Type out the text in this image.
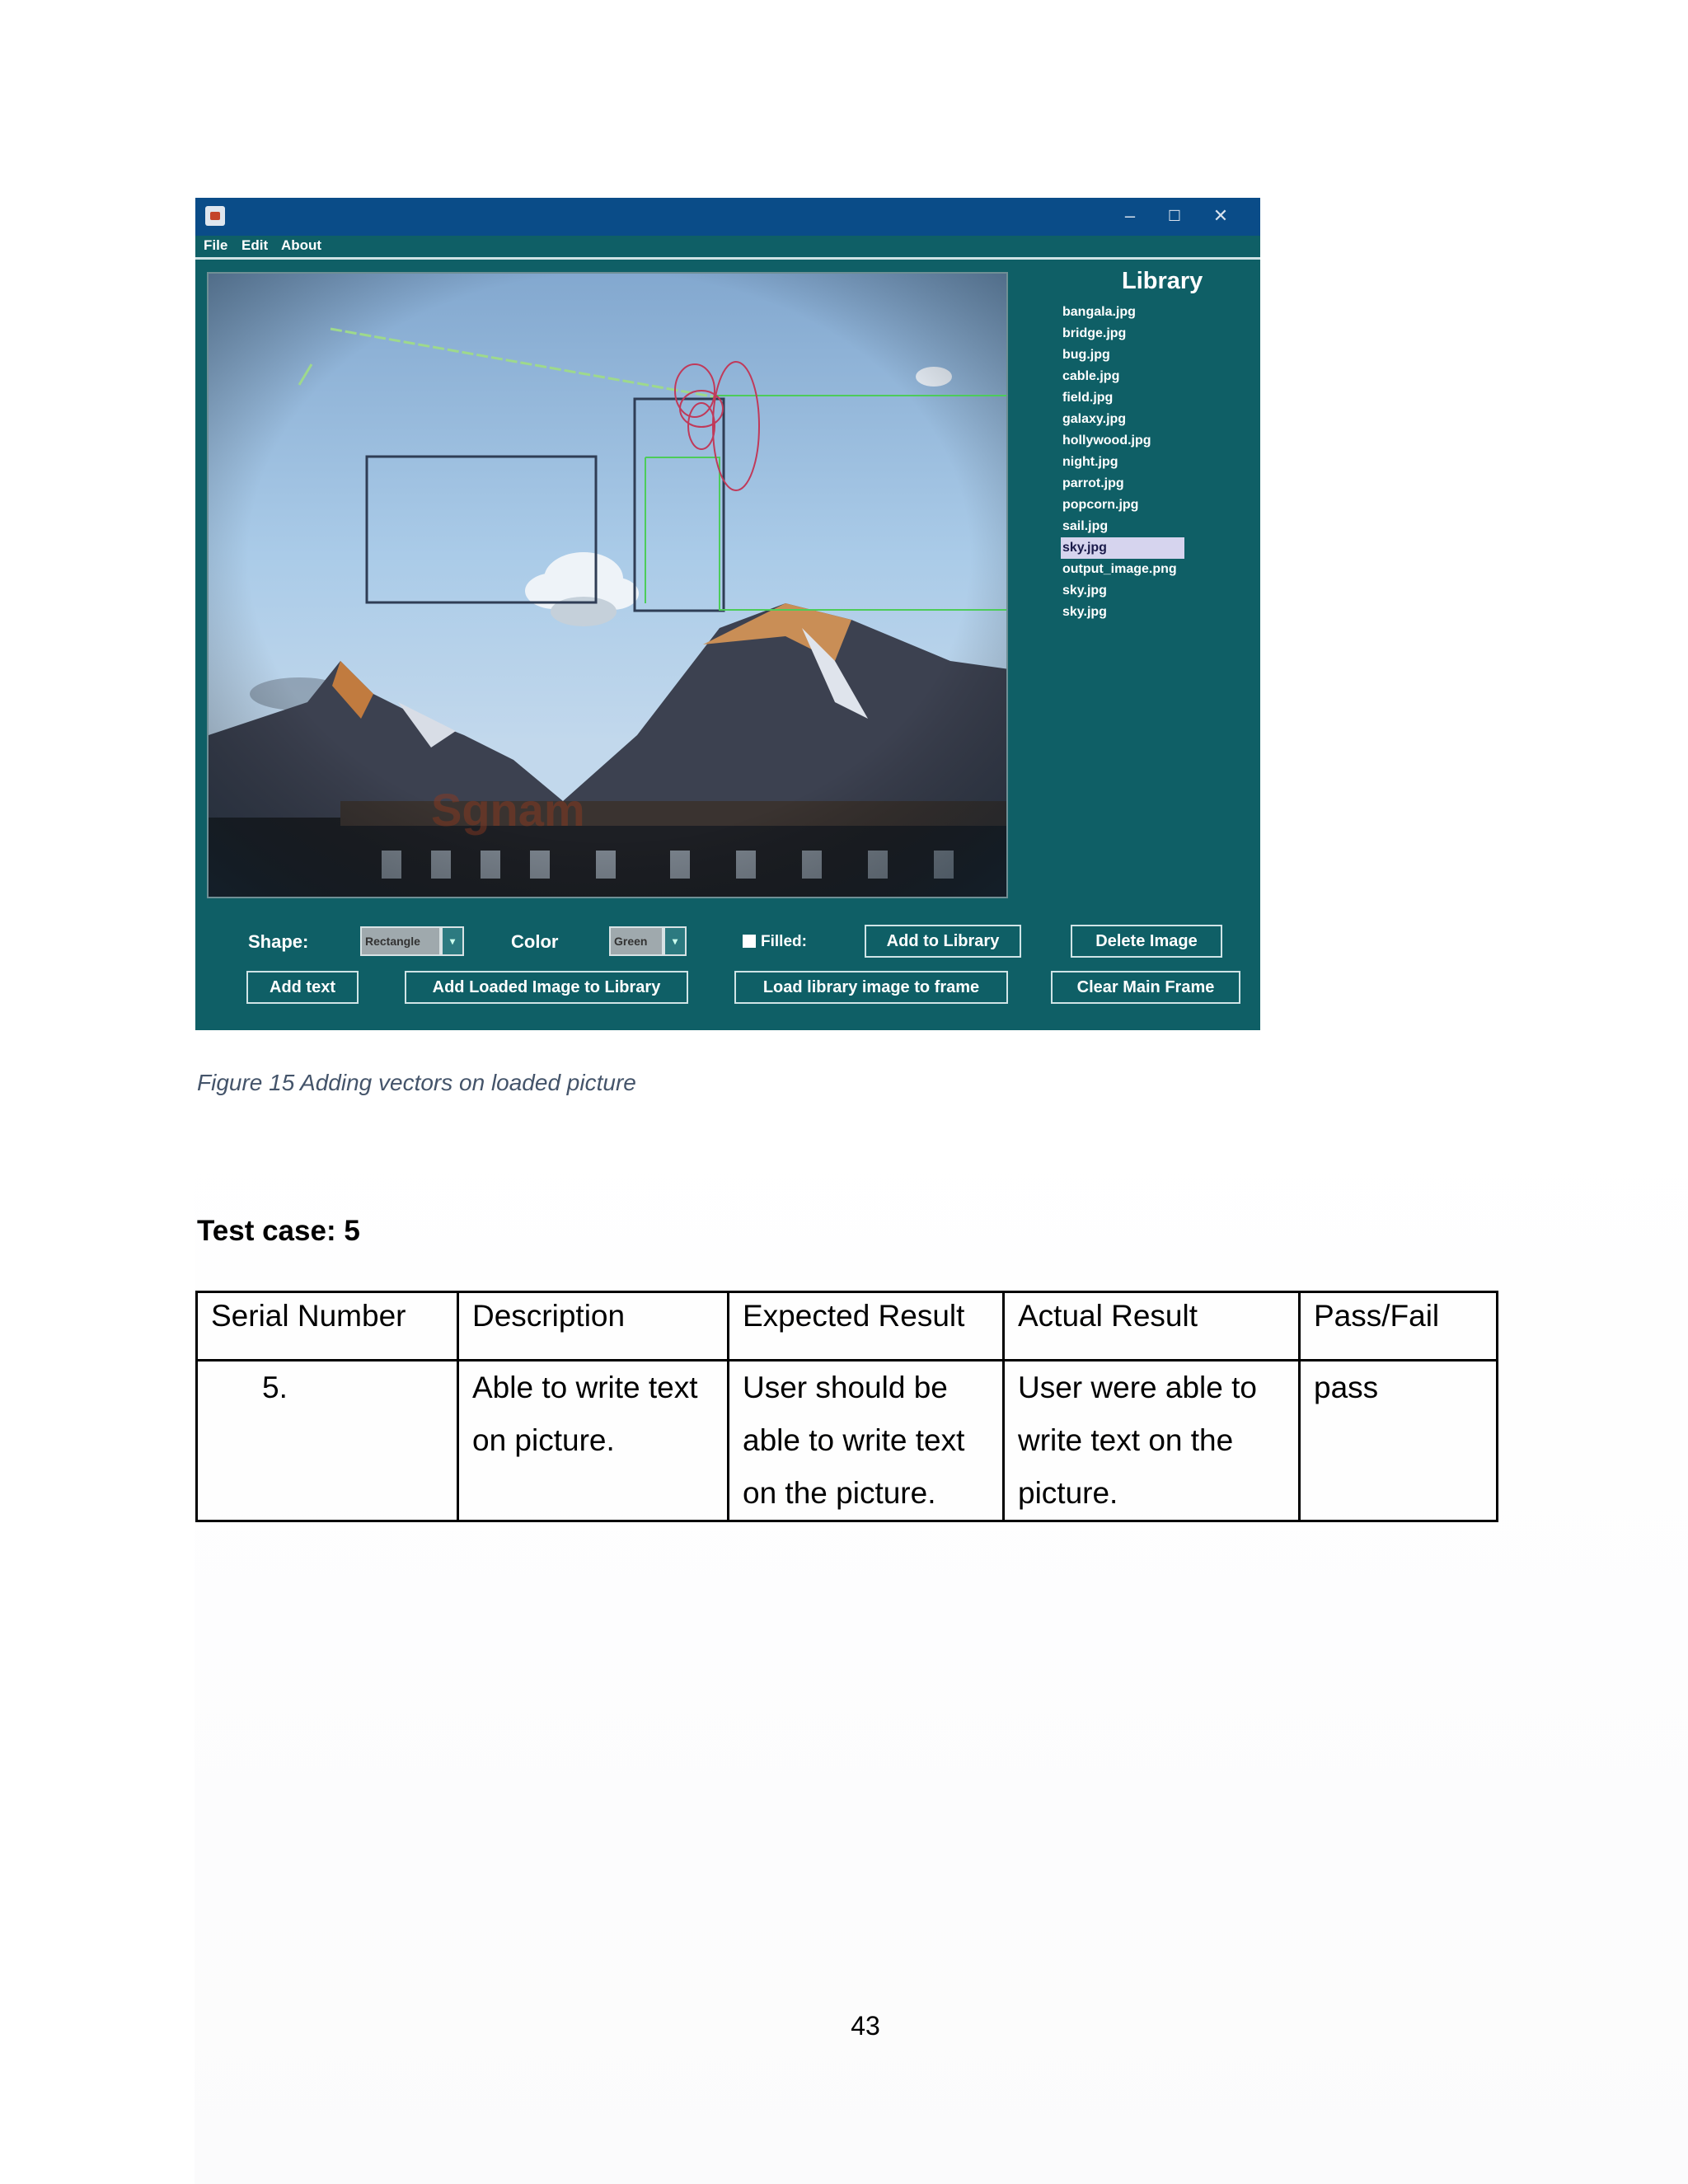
–	☐	✕
File Edit About
Library
bangala.jpg
bridge.jpg
bug.jpg
cable.jpg
field.jpg
galaxy.jpg
hollywood.jpg
night.jpg
parrot.jpg
popcorn.jpg
sail.jpg
sky.jpg
output_image.png
sky.jpg
sky.jpg
Shape:	Rectangle	▾	Color	Green	▾	Filled:	Add to Library	Delete Image
Add text	Add Loaded Image to Library	Load library image to frame	Clear Main Frame
Figure 15 Adding vectors on loaded picture
Test case: 5
Serial Number	Description	Expected Result	Actual Result	Pass/Fail
5.	Able to write text on picture.	User should be able to write text on the picture.	User were able to write text on the picture.	pass
43
